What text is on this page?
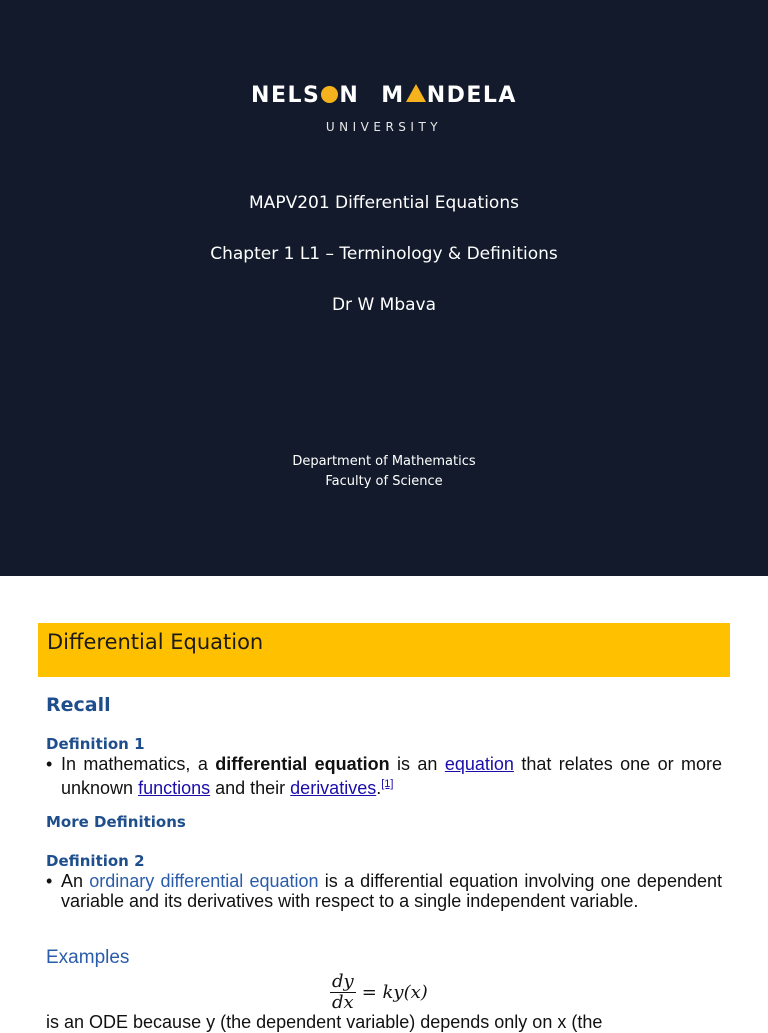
NELS N M NDELA
UNIVERSITY
MAPV201 Differential Equations
Chapter 1 L1 – Terminology & Definitions
Dr W Mbava
Department of Mathematics
Faculty of Science
Differential Equation
Recall
Definition 1
• In mathematics, a differential equation is an equation that relates one or more unknown functions and their derivatives.[1]
More Definitions
Definition 2
• An ordinary differential equation is a differential equation involving one dependent variable and its derivatives with respect to a single independent variable.
Examples
$\frac{dy}{dx} = ky(x)$
is an ODE because y (the dependent variable) depends only on x (the
